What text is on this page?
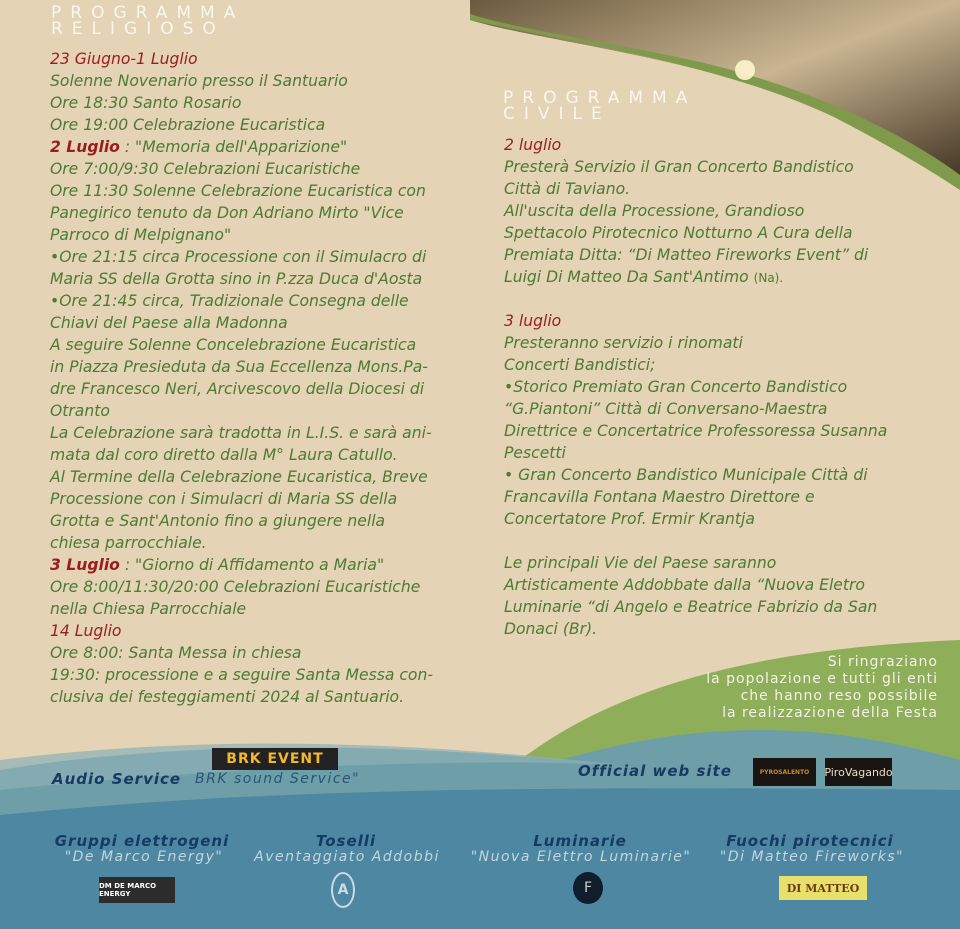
PROGRAMMA
RELIGIOSO
23 Giugno-1 Luglio
Solenne Novenario presso il Santuario
Ore 18:30 Santo Rosario
Ore 19:00 Celebrazione Eucaristica
2 Luglio : "Memoria dell'Apparizione"
Ore 7:00/9:30 Celebrazioni Eucaristiche
Ore 11:30 Solenne Celebrazione Eucaristica con
Panegirico tenuto da Don Adriano Mirto "Vice
Parroco di Melpignano"
•Ore 21:15 circa Processione con il Simulacro di
Maria SS della Grotta sino in P.zza Duca d'Aosta
•Ore 21:45 circa, Tradizionale Consegna delle
Chiavi del Paese alla Madonna
A seguire Solenne Concelebrazione Eucaristica
in Piazza Presieduta da Sua Eccellenza Mons.Pa-
dre Francesco Neri, Arcivescovo della Diocesi di
Otranto
La Celebrazione sarà tradotta in L.I.S. e sarà ani-
mata dal coro diretto dalla M° Laura Catullo.
Al Termine della Celebrazione Eucaristica, Breve
Processione con i Simulacri di Maria SS della
Grotta e Sant'Antonio fino a giungere nella
chiesa parrocchiale.
3 Luglio : "Giorno di Affidamento a Maria"
Ore 8:00/11:30/20:00 Celebrazioni Eucaristiche
nella Chiesa Parrocchiale
14 Luglio
Ore 8:00: Santa Messa in chiesa
19:30: processione e a seguire Santa Messa con-
clusiva dei festeggiamenti 2024 al Santuario.
PROGRAMMA
CIVILE
2 luglio
Presterà Servizio il Gran Concerto Bandistico
Città di Taviano.
All'uscita della Processione, Grandioso
Spettacolo Pirotecnico Notturno A Cura della
Premiata Ditta: “Di Matteo Fireworks Event” di
Luigi Di Matteo Da Sant'Antimo (Na).
3 luglio
Presteranno servizio i rinomati
Concerti Bandistici;
•Storico Premiato Gran Concerto Bandistico
“G.Piantoni” Città di Conversano-Maestra
Direttrice e Concertatrice Professoressa Susanna
Pescetti
• Gran Concerto Bandistico Municipale Città di
Francavilla Fontana Maestro Direttore e
Concertatore Prof. Ermir Krantja
Le principali Vie del Paese saranno
Artisticamente Addobbate dalla “Nuova Eletro
Luminarie “di Angelo e Beatrice Fabrizio da San
Donaci (Br).
Si ringraziano
la popolazione e tutti gli enti
che hanno reso possibile
la realizzazione della Festa
Audio Service
BRK EVENT
BRK sound Service"	Official web site	PYROSALENTO	PiroVagando
Gruppi elettrogeni
"De Marco Energy"
DM DE MARCO ENERGY
Toselli
Aventaggiato Addobbi
A
Luminarie
"Nuova Elettro Luminarie"
F
Fuochi pirotecnici
"Di Matteo Fireworks"
DI MATTEO
